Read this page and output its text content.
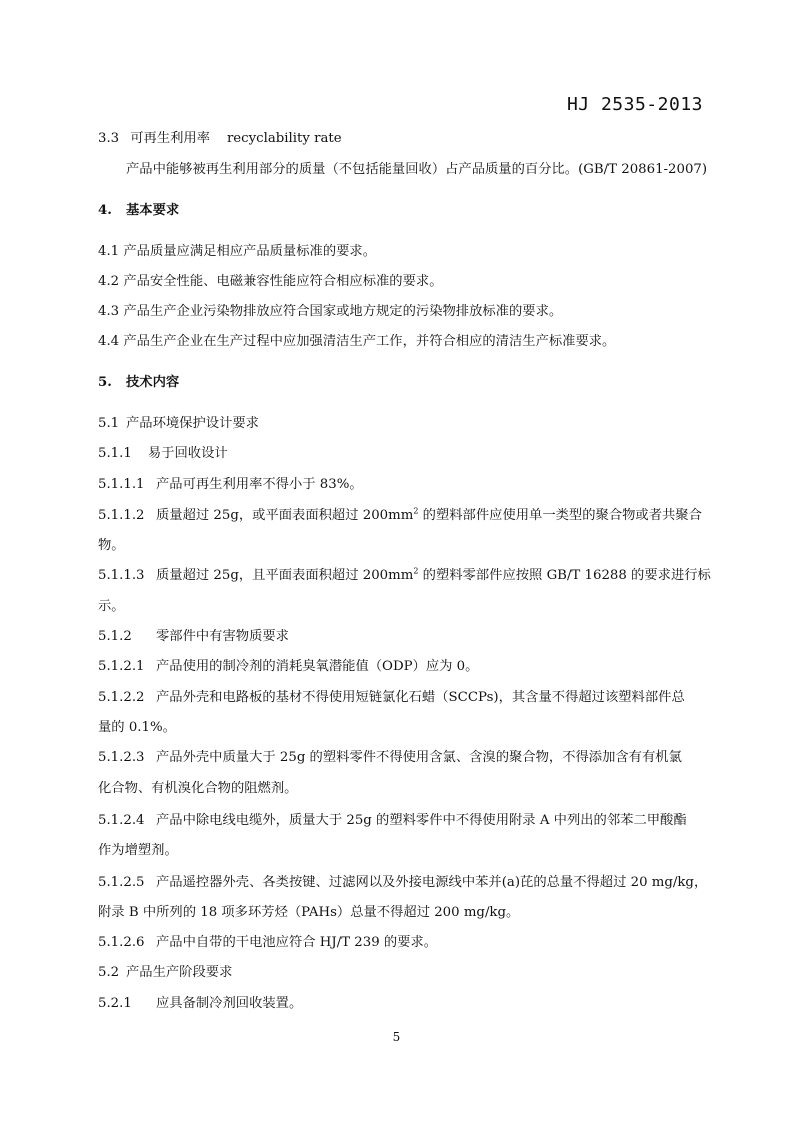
HJ 2535-2013
3.3 可再生利用率 recyclability rate
产品中能够被再生利用部分的质量（不包括能量回收）占产品质量的百分比。(GB/T 20861-2007)
4. 基本要求
4.1 产品质量应满足相应产品质量标准的要求。
4.2 产品安全性能、电磁兼容性能应符合相应标准的要求。
4.3 产品生产企业污染物排放应符合国家或地方规定的污染物排放标准的要求。
4.4 产品生产企业在生产过程中应加强清洁生产工作，并符合相应的清洁生产标准要求。
5. 技术内容
5.1 产品环境保护设计要求
5.1.1 易于回收设计
5.1.1.1 产品可再生利用率不得小于 83%。
5.1.1.2 质量超过 25g，或平面表面积超过 $200mm^2$ 的塑料部件应使用单一类型的聚合物或者共聚合
物。
5.1.1.3 质量超过 25g，且平面表面积超过 $200mm^2$ 的塑料零部件应按照 GB/T 16288 的要求进行标
示。
5.1.2 零部件中有害物质要求
5.1.2.1 产品使用的制冷剂的消耗臭氧潜能值（ODP）应为 0。
5.1.2.2 产品外壳和电路板的基材不得使用短链氯化石蜡（SCCPs)，其含量不得超过该塑料部件总
量的 0.1%。
5.1.2.3 产品外壳中质量大于 25g 的塑料零件不得使用含氯、含溴的聚合物，不得添加含有有机氯
化合物、有机溴化合物的阻燃剂。
5.1.2.4 产品中除电线电缆外，质量大于 25g 的塑料零件中不得使用附录 A 中列出的邻苯二甲酸酯
作为增塑剂。
5.1.2.5 产品遥控器外壳、各类按键、过滤网以及外接电源线中苯并(a)芘的总量不得超过 20 mg/kg，
附录 B 中所列的 18 项多环芳烃（PAHs）总量不得超过 200 mg/kg。
5.1.2.6 产品中自带的干电池应符合 HJ/T 239 的要求。
5.2 产品生产阶段要求
5.2.1 应具备制冷剂回收装置。
5
